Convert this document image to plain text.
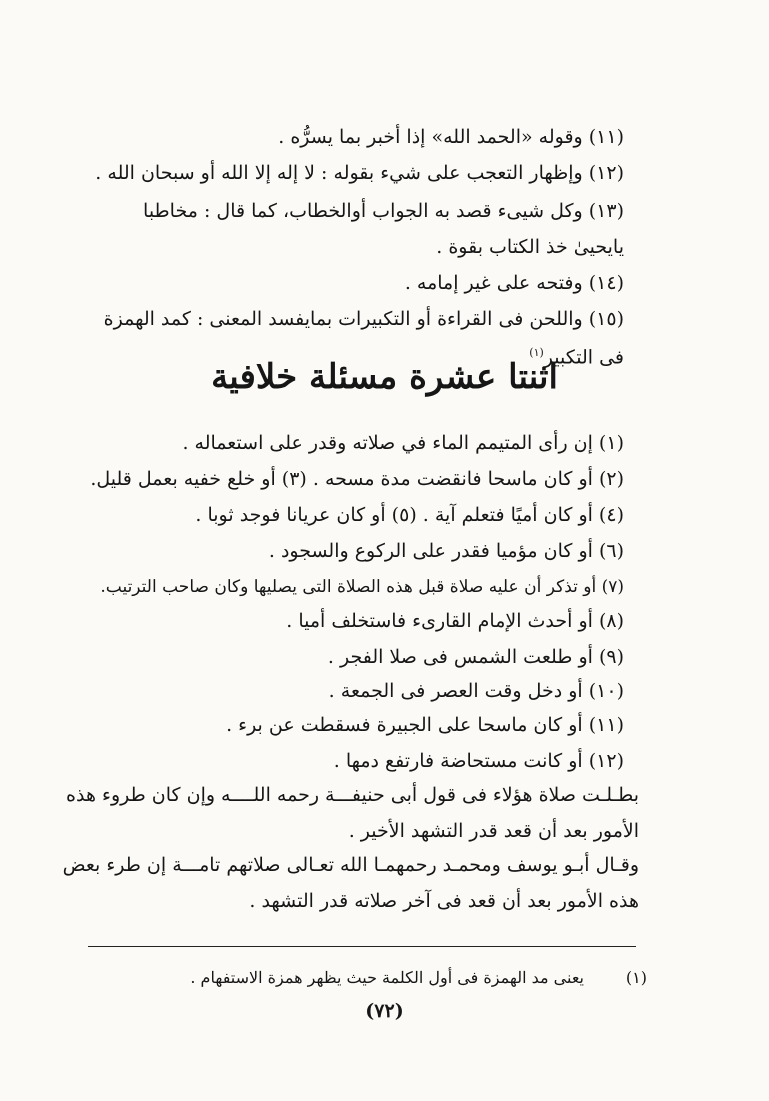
(١١) وقوله «الحمد الله» إذا أخبر بما يسرُّه .
(١٢) وإظهار التعجب على شيء بقوله : لا إله إلا الله أو سبحان الله .
(١٣) وكل شيىء قصد به الجواب أوالخطاب، كما قال : مخاطبا
يايحيىٰ خذ الكتاب بقوة .
(١٤) وفتحه على غير إمامه .
(١٥) واللحن فى القراءة أو التكبيرات بمايفسد المعنى : كمد الهمزة
فى التكبير$^{(١)}$
اثنتا عشرة مسئلة خلافية
(١) إن رأى المتيمم الماء في صلاته وقدر على استعماله .
(٢) أو كان ماسحا فانقضت مدة مسحه . (٣) أو خلع خفيه بعمل قليل.
(٤) أو كان أميًا فتعلم آية . (٥) أو كان عريانا فوجد ثوبا .
(٦) أو كان مؤميا فقدر على الركوع والسجود .
(٧) أو تذكر أن عليه صلاة قبل هذه الصلاة التى يصليها وكان صاحب الترتيب.
(٨) أو أحدث الإمام القارىء فاستخلف أميا .
(٩) أو طلعت الشمس فى صلا الفجر .
(١٠) أو دخل وقت العصر فى الجمعة .
(١١) أو كان ماسحا على الجبيرة فسقطت عن برء .
(١٢) أو كانت مستحاضة فارتفع دمها .
بطـلـت صلاة هؤلاء فى قول أبى حنيفـــة رحمه اللــــه وإن كان طروء هذه
الأمور بعد أن قعد قدر التشهد الأخير .
وقـال أبـو يوسف ومحمـد رحمهمـا الله تعـالى صلاتهم تامـــة إن طرء بعض
هذه الأمور بعد أن قعد فى آخر صلاته قدر التشهد .
(١)
يعنى مد الهمزة فى أول الكلمة حيث يظهر همزة الاستفهام .
(٧٢)
